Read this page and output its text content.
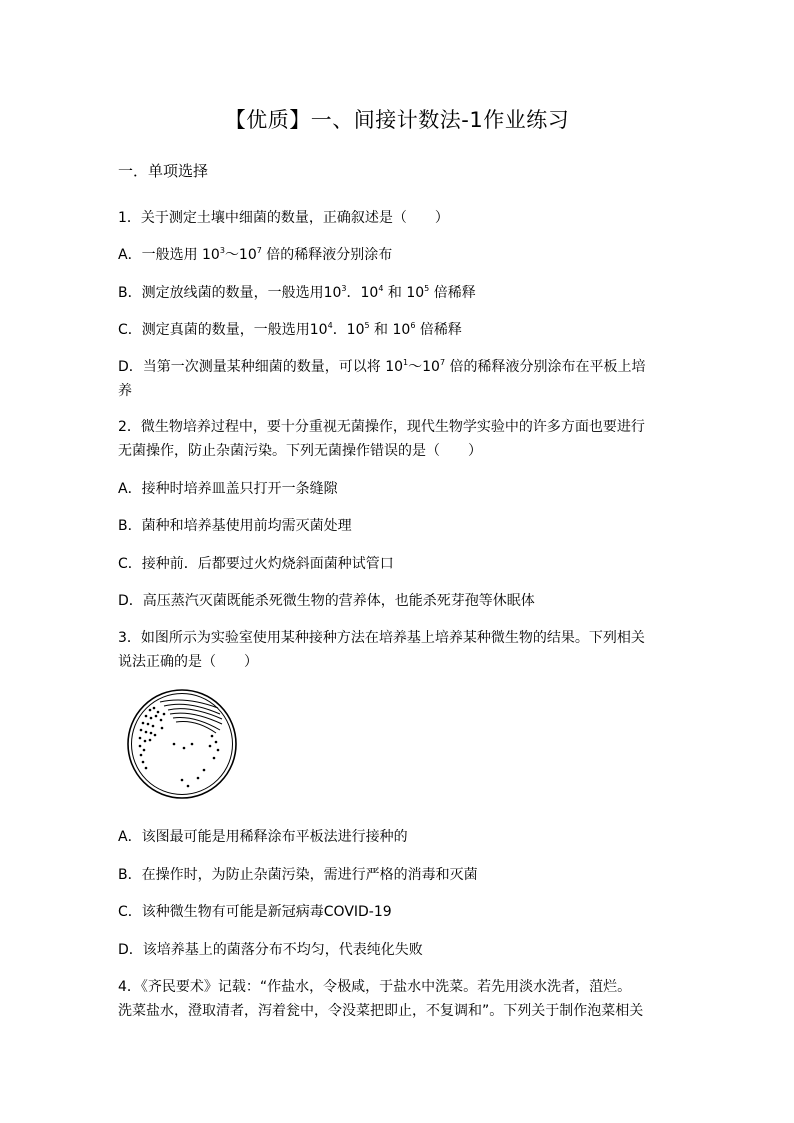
【优质】一、间接计数法-1作业练习
一．单项选择
1．关于测定土壤中细菌的数量，正确叙述是（　　）
A．一般选用 $10^3\sim 10^7$ 倍的稀释液分别涂布
B．测定放线菌的数量，一般选用$10^3$．$10^4$ 和 $10^5$ 倍稀释
C．测定真菌的数量，一般选用$10^4$．$10^5$ 和 $10^6$ 倍稀释
D．当第一次测量某种细菌的数量，可以将 $10^1\sim 10^7$ 倍的稀释液分别涂布在平板上培
养
2．微生物培养过程中，要十分重视无菌操作，现代生物学实验中的许多方面也要进行
无菌操作，防止杂菌污染。下列无菌操作错误的是（　　）
A．接种时培养皿盖只打开一条缝隙
B．菌种和培养基使用前均需灭菌处理
C．接种前．后都要过火灼烧斜面菌种试管口
D．高压蒸汽灭菌既能杀死微生物的营养体，也能杀死芽孢等休眠体
3．如图所示为实验室使用某种接种方法在培养基上培养某种微生物的结果。下列相关
说法正确的是（　　）
A．该图最可能是用稀释涂布平板法进行接种的
B．在操作时，为防止杂菌污染，需进行严格的消毒和灭菌
C．该种微生物有可能是新冠病毒COVID-19
D．该培养基上的菌落分布不均匀，代表纯化失败
4．《齐民要术》记载：“作盐水，令极咸，于盐水中洗菜。若先用淡水洗者，菹烂。
洗菜盐水，澄取清者，泻着瓮中，令没菜把即止，不复调和”。下列关于制作泡菜相关
